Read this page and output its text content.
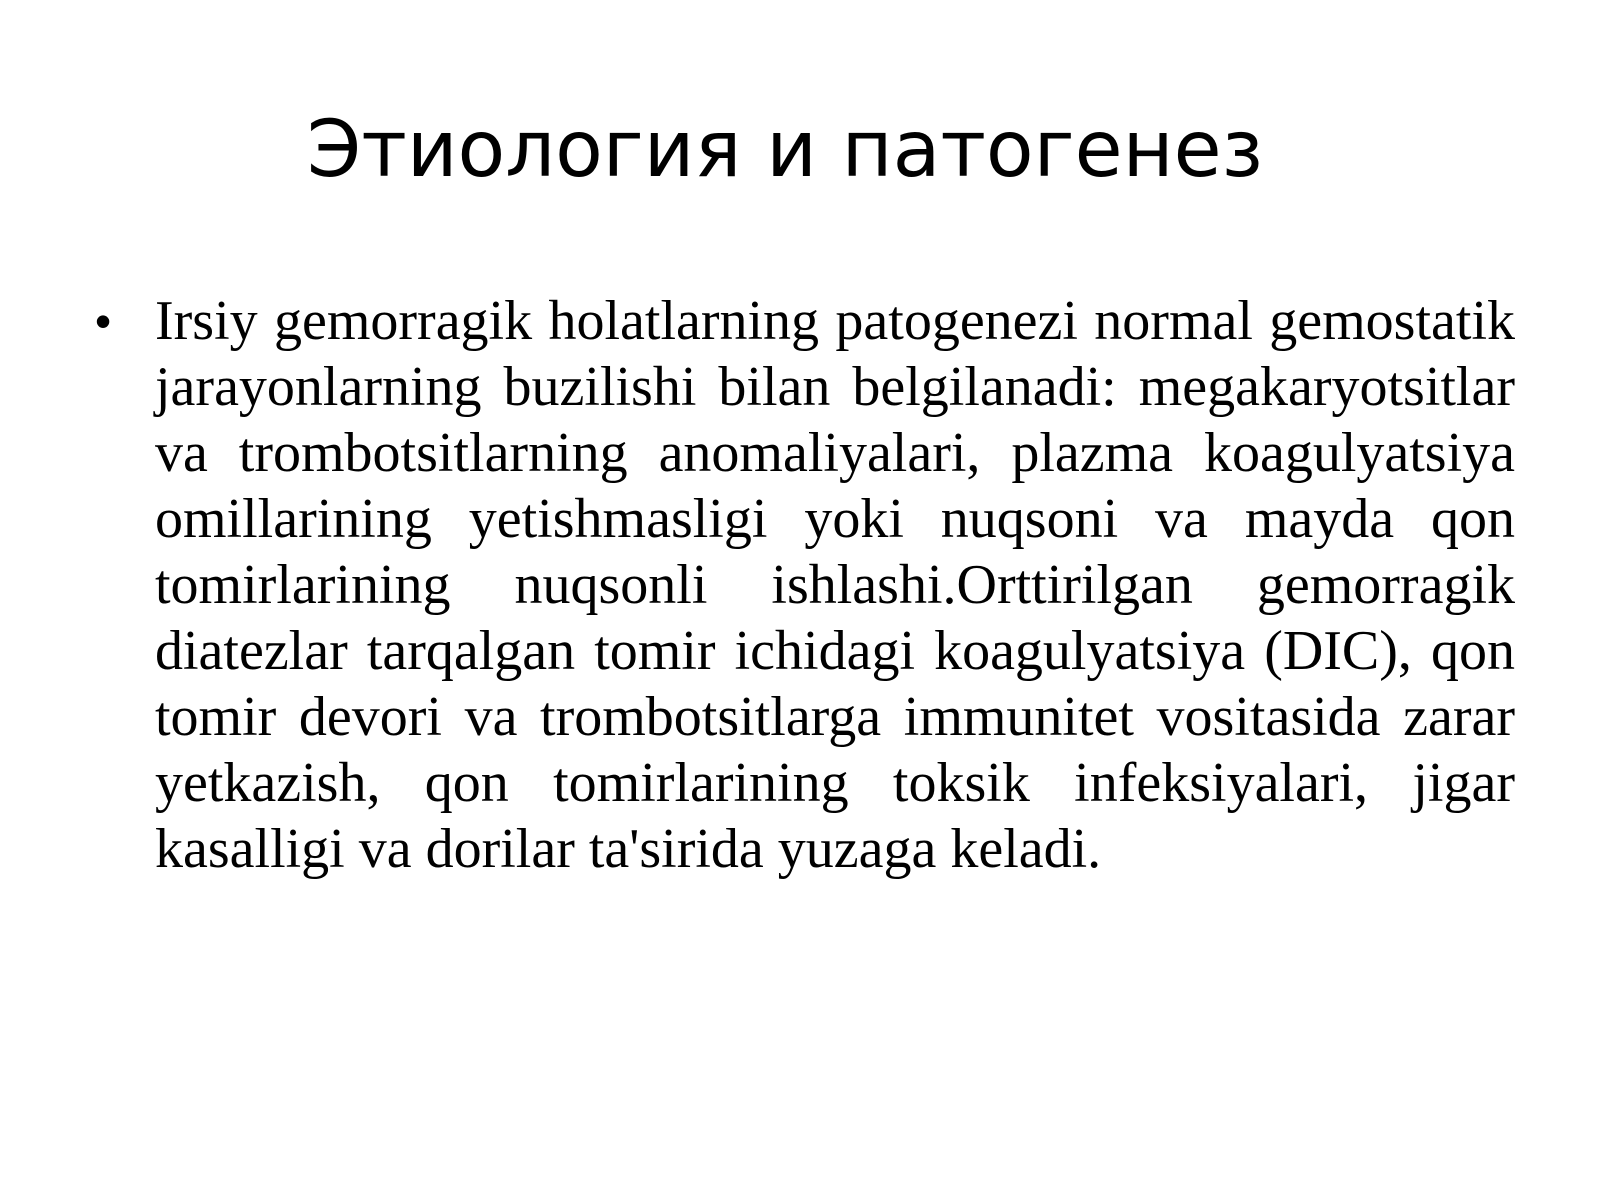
Этиология и патогенез
• Irsiy gemorragik holatlarning patogenezi normal gemostatik jarayonlarning buzilishi bilan belgilanadi: megakaryotsitlar va trombotsitlarning anomaliyalari, plazma koagulyatsiya omillarining yetishmasligi yoki nuqsoni va mayda qon tomirlarining nuqsonli ishlashi.Orttirilgan gemorragik diatezlar tarqalgan tomir ichidagi koagulyatsiya (DIC), qon tomir devori va trombotsitlarga immunitet vositasida zarar yetkazish, qon tomirlarining toksik infeksiyalari, jigar kasalligi va dorilar ta'sirida yuzaga keladi.
